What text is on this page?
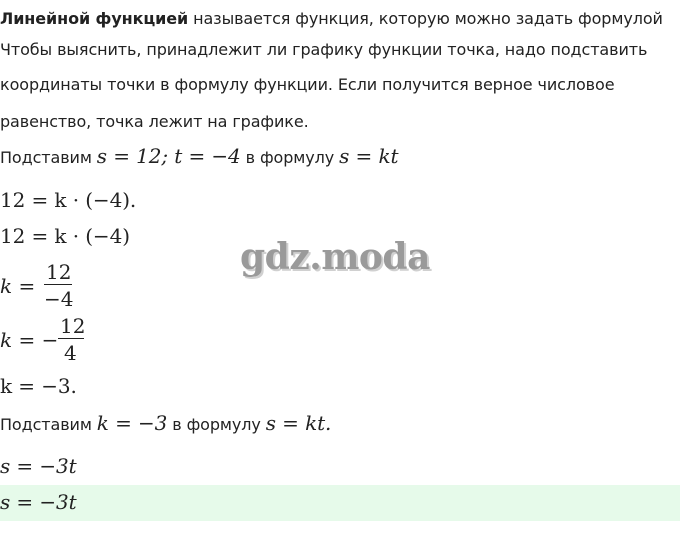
Линейной функцией называется функция, которую можно задать формулой
Чтобы выяснить, принадлежит ли графику функции точка, надо подставить
координаты точки в формулу функции. Если получится верное числовое
равенство, точка лежит на графике.
Подставим s = 12; t = −4 в формулу s = kt
12 = k · (−4).
12 = k · (−4)
k =
12
−4
k = −
12
4
k = −3.
Подставим k = −3 в формулу s = kt.
s = −3t
s = −3t
gdz.moda
